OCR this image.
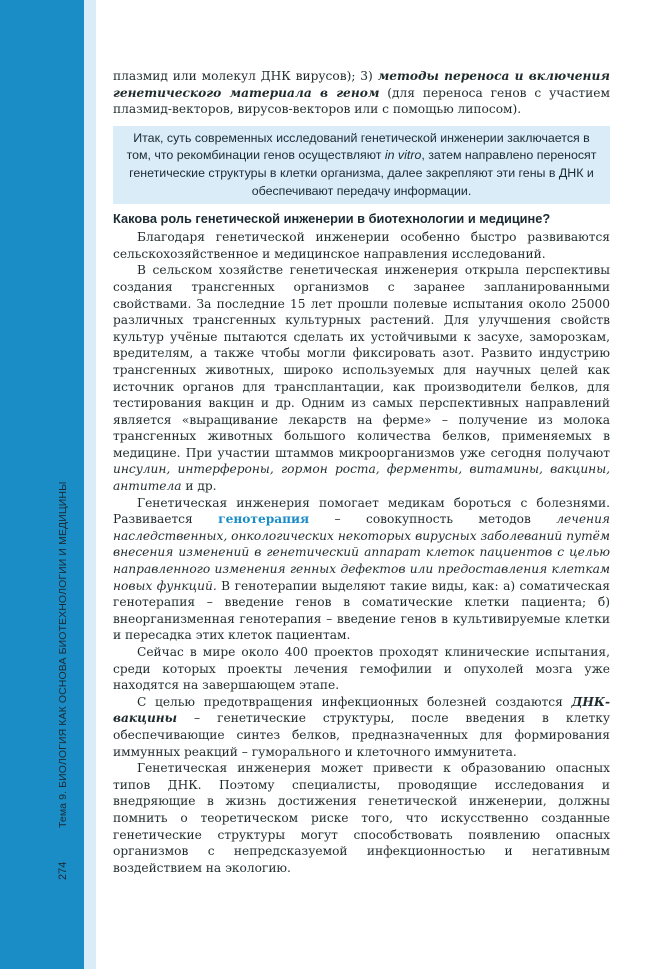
Тема 9. БИОЛОГИЯ КАК ОСНОВА БИОТЕХНОЛОГИИ И МЕДИЦИНЫ
274

плазмид или молекул ДНК вирусов); 3) методы переноса и включения генетического материала в геном (для переноса генов с участием плазмид-векторов, вирусов-векторов или с помощью липосом).

Итак, суть современных исследований генетической инженерии заключается в том, что рекомбинации генов осуществляют in vitro, затем направлено переносят генетические структуры в клетки организма, далее закрепляют эти гены в ДНК и обеспечивают передачу информации.
Какова роль генетической инженерии в биотехнологии и медицине?

Благодаря генетической инженерии особенно быстро развиваются сельскохозяйственное и медицинское направления исследований.

В сельском хозяйстве генетическая инженерия открыла перспективы создания трансгенных организмов с заранее запланированными свойствами. За последние 15 лет прошли полевые испытания около 25000 различных трансгенных культурных растений. Для улучшения свойств культур учёные пытаются сделать их устойчивыми к засухе, заморозкам, вредителям, а также чтобы могли фиксировать азот. Развито индустрию трансгенных животных, широко используемых для научных целей как источник органов для трансплантации, как производители белков, для тестирования вакцин и др. Одним из самых перспективных направлений является «выращивание лекарств на ферме» – получение из молока трансгенных животных большого количества белков, применяемых в медицине. При участии штаммов микроорганизмов уже сегодня получают инсулин, интерфероны, гормон роста, ферменты, витамины, вакцины, антитела и др.

Генетическая инженерия помогает медикам бороться с болезнями. Развивается генотерапия – совокупность методов лечения наследственных, онкологических некоторых вирусных заболеваний путём внесения изменений в генетический аппарат клеток пациентов с целью направленного изменения генных дефектов или предоставления клеткам новых функций. В генотерапии выделяют такие виды, как: а) соматическая генотерапия – введение генов в соматические клетки пациента; б) внеорганизменная генотерапия – введение генов в культивируемые клетки и пересадка этих клеток пациентам.

Сейчас в мире около 400 проектов проходят клинические испытания, среди которых проекты лечения гемофилии и опухолей мозга уже находятся на завершающем этапе.

С целью предотвращения инфекционных болезней создаются ДНК-вакцины – генетические структуры, после введения в клетку обеспечивающие синтез белков, предназначенных для формирования иммунных реакций – гуморального и клеточного иммунитета.

Генетическая инженерия может привести к образованию опасных типов ДНК. Поэтому специалисты, проводящие исследования и внедряющие в жизнь достижения генетической инженерии, должны помнить о теоретическом риске того, что искусственно созданные генетические структуры могут способствовать появлению опасных организмов с непредсказуемой инфекционностью и негативным воздействием на экологию.
